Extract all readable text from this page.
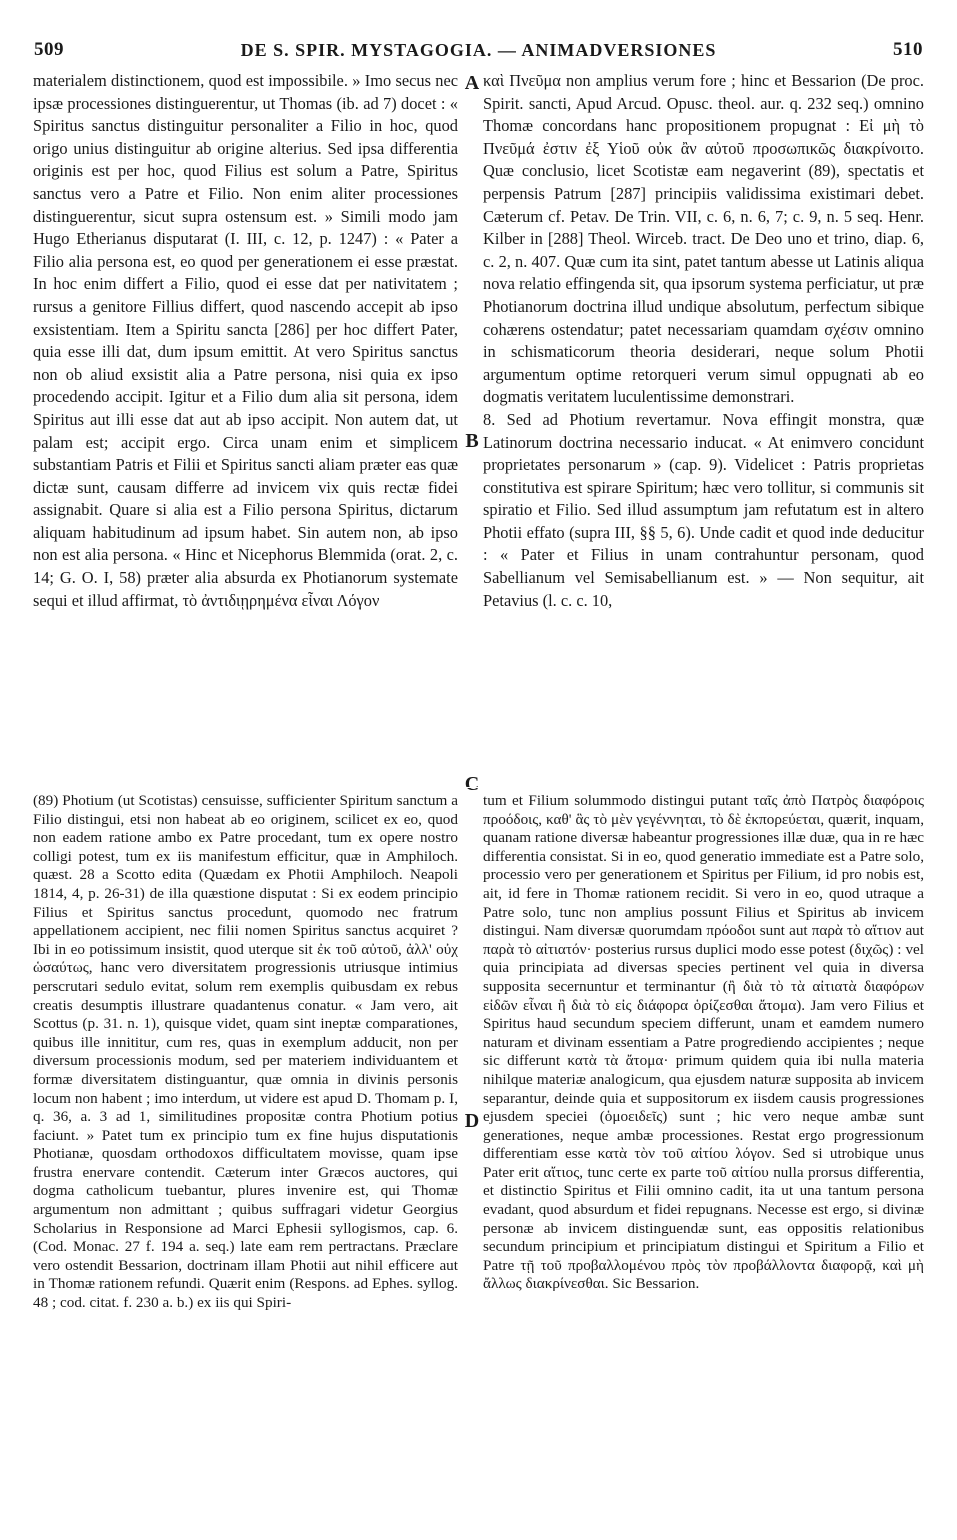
509	DE S. SPIR. MYSTAGOGIA. — ANIMADVERSIONES	510

materialem distinctionem, quod est impossibile. » Imo secus nec ipsæ processiones distinguerentur, ut Thomas (ib. ad 7) docet : « Spiritus sanctus distinguitur personaliter a Filio in hoc, quod origo unius distinguitur ab origine alterius. Sed ipsa differentia originis est per hoc, quod Filius est solum a Patre, Spiritus sanctus vero a Patre et Filio. Non enim aliter processiones distinguerentur, sicut supra ostensum est. » Simili modo jam Hugo Etherianus disputarat (I. III, c. 12, p. 1247) : « Pater a Filio alia persona est, eo quod per generationem ei esse præstat. In hoc enim differt a Filio, quod ei esse dat per nativitatem ; rursus a genitore Fillius differt, quod nascendo accepit ab ipso exsistentiam. Item a Spiritu sancta [286] per hoc differt Pater, quia esse illi dat, dum ipsum emittit. At vero Spiritus sanctus non ob aliud exsistit alia a Patre persona, nisi quia ex ipso procedendo accipit. Igitur et a Filio dum alia sit persona, idem Spiritus aut illi esse dat aut ab ipso accipit. Non autem dat, ut palam est; accipit ergo. Circa unam enim et simplicem substantiam Patris et Filii et Spiritus sancti aliam præter eas quæ dictæ sunt, causam differre ad invicem vix quis rectæ fidei assignabit. Quare si alia est a Filio persona Spiritus, dictarum aliquam habitudinum ad ipsum habet. Sin autem non, ab ipso non est alia persona. « Hinc et Nicephorus Blemmida (orat. 2, c. 14; G. O. I, 58) præter alia absurda ex Photianorum systemate sequi et illud affirmat, τὸ ἀντιδιῃρημένα εἶναι Λόγον

καὶ Πνεῦμα non amplius verum fore ; hinc et Bessarion (De proc. Spirit. sancti, Apud Arcud. Opusc. theol. aur. q. 232 seq.) omnino Thomæ concordans hanc propositionem propugnat : Εἰ μὴ τὸ Πνεῦμά ἐστιν ἐξ Υἱοῦ οὐκ ἂν αὐτοῦ προσωπικῶς διακρίνοιτο. Quæ conclusio, licet Scotistæ eam negaverint (89), spectatis et perpensis Patrum [287] principiis validissima existimari debet. Cæterum cf. Petav. De Trin. VII, c. 6, n. 6, 7; c. 9, n. 5 seq. Henr. Kilber in [288] Theol. Wirceb. tract. De Deo uno et trino, diap. 6, c. 2, n. 407. Quæ cum ita sint, patet tantum abesse ut Latinis aliqua nova relatio effingenda sit, qua ipsorum systema perficiatur, ut præ Photianorum doctrina illud undique absolutum, perfectum sibique cohærens ostendatur; patet necessariam quamdam σχέσιν omnino in schismaticorum theoria desiderari, neque solum Photii argumentum optime retorqueri verum simul oppugnati ab eo dogmatis veritatem luculentissime demonstrari.
8. Sed ad Photium revertamur. Nova effingit monstra, quæ Latinorum doctrina necessario inducat. « At enimvero concidunt proprietates personarum » (cap. 9). Videlicet : Patris proprietas constitutiva est spirare Spiritum; hæc vero tollitur, si communis sit spiratio et Filio. Sed illud assumptum jam refutatum est in altero Photii effato (supra III, §§ 5, 6). Unde cadit et quod inde deducitur : « Pater et Filius in unam contrahuntur personam, quod Sabellianum vel Semisabellianum est. » — Non sequitur, ait Petavius (l. c. c. 10,

A
B
C
D

(89) Photium (ut Scotistas) censuisse, sufficienter Spiritum sanctum a Filio distingui, etsi non habeat ab eo originem, scilicet ex eo, quod non eadem ratione ambo ex Patre procedant, tum ex opere nostro colligi potest, tum ex iis manifestum efficitur, quæ in Amphiloch. quæst. 28 a Scotto edita (Quædam ex Photii Amphiloch. Neapoli 1814, 4, p. 26-31) de illa quæstione disputat : Si ex eodem principio Filius et Spiritus sanctus procedunt, quomodo nec fratrum appellationem accipient, nec filii nomen Spiritus sanctus acquiret ? Ibi in eo potissimum insistit, quod uterque sit ἐκ τοῦ αὐτοῦ, ἀλλ' οὐχ ὡσαύτως, hanc vero diversitatem progressionis utriusque intimius perscrutari sedulo evitat, solum rem exemplis quibusdam ex rebus creatis desumptis illustrare quadantenus conatur. « Jam vero, ait Scottus (p. 31. n. 1), quisque videt, quam sint ineptæ comparationes, quibus ille innititur, cum res, quas in exemplum adducit, non per diversum processionis modum, sed per materiem individuantem et formæ diversitatem distinguantur, quæ omnia in divinis personis locum non habent ; imo interdum, ut videre est apud D. Thomam p. I, q. 36, a. 3 ad 1, similitudines propositæ contra Photium potius faciunt. » Patet tum ex principio tum ex fine hujus disputationis Photianæ, quosdam orthodoxos difficultatem movisse, quam ipse frustra enervare contendit. Cæterum inter Græcos auctores, qui dogma catholicum tuebantur, plures invenire est, qui Thomæ argumentum non admittant ; quibus suffragari videtur Georgius Scholarius in Responsione ad Marci Ephesii syllogismos, cap. 6. (Cod. Monac. 27 f. 194 a. seq.) late eam rem pertractans. Præclare vero ostendit Bessarion, doctrinam illam Photii aut nihil efficere aut in Thomæ rationem refundi. Quærit enim (Respons. ad Ephes. syllog. 48 ; cod. citat. f. 230 a. b.) ex iis qui Spiri-

tum et Filium solummodo distingui putant ταῖς ἀπὸ Πατρὸς διαφόροις προόδοις, καθ' ἃς τὸ μὲν γεγέννηται, τὸ δὲ ἐκπορεύεται, quærit, inquam, quanam ratione diversæ habeantur progressiones illæ duæ, qua in re hæc differentia consistat. Si in eo, quod generatio immediate est a Patre solo, processio vero per generationem et Spiritus per Filium, id pro nobis est, ait, id fere in Thomæ rationem recidit. Si vero in eo, quod utraque a Patre solo, tunc non amplius possunt Filius et Spiritus ab invicem distingui. Nam diversæ quorumdam πρόοδοι sunt aut παρὰ τὸ αἴτιον aut παρὰ τὸ αἰτιατόν· posterius rursus duplici modo esse potest (διχῶς) : vel quia principiata ad diversas species pertinent vel quia in diversa supposita secernuntur et terminantur (ἢ διὰ τὸ τὰ αἰτιατὰ διαφόρων εἰδῶν εἶναι ἢ διὰ τὸ εἰς διάφορα ὁρίζεσθαι ἄτομα). Jam vero Filius et Spiritus haud secundum speciem differunt, unam et eamdem numero naturam et divinam essentiam a Patre progrediendo accipientes ; neque sic differunt κατὰ τὰ ἄτομα· primum quidem quia ibi nulla materia nihilque materiæ analogicum, qua ejusdem naturæ supposita ab invicem separantur, deinde quia et suppositorum ex iisdem causis progressiones ejusdem speciei (ὁμοειδεῖς) sunt ; hic vero neque ambæ sunt generationes, neque ambæ processiones. Restat ergo progressionum differentiam esse κατὰ τὸν τοῦ αἰτίου λόγον. Sed si utrobique unus Pater erit αἴτιος, tunc certe ex parte τοῦ αἰτίου nulla prorsus differentia, et distinctio Spiritus et Filii omnino cadit, ita ut una tantum persona evadant, quod absurdum et fidei repugnans. Necesse est ergo, si divinæ personæ ab invicem distinguendæ sunt, eas oppositis relationibus secundum principium et principiatum distingui et Spiritum a Filio et Patre τῇ τοῦ προβαλλομένου πρὸς τὸν προβάλλοντα διαφορᾷ, καὶ μὴ ἄλλως διακρίνεσθαι. Sic Bessarion.
